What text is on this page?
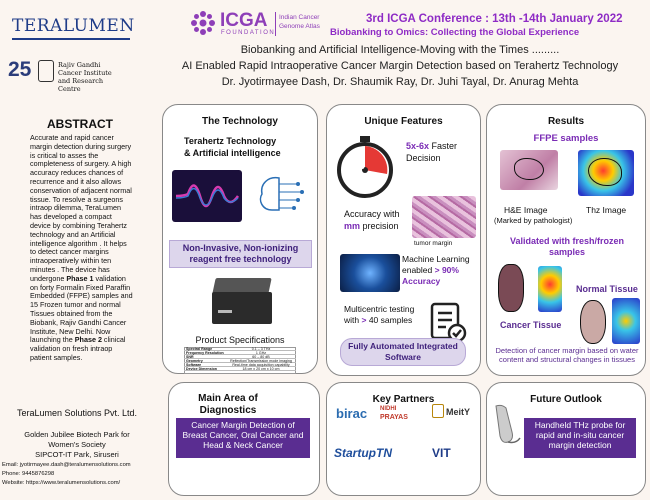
TERALUMEN
25	Rajiv Gandhi Cancer Institute
and Research Centre
ICGA
FOUNDATION
Indian Cancer
Genome Atlas
3rd ICGA Conference : 13th -14th January 2022
Biobanking to Omics: Collecting the Global Experience
Biobanking and Artificial Intelligence-Moving with the Times .........
AI Enabled Rapid Intraoperative Cancer Margin Detection based on Terahertz Technology
Dr. Jyotirmayee Dash, Dr. Shaumik Ray, Dr. Juhi Tayal, Dr. Anurag Mehta
ABSTRACT
Accurate and rapid cancer margin detection during surgery is critical to asses the completeness of surgery. A high accuracy reduces chances of recurrence and it also allows conservation of adjacent normal tissue. To resolve a surgeons intraop dilemma, TeraLumen has developed a compact device by combining Terahertz technology and an Artificial intelligence algorithm . It helps to detect cancer margins intraoperatively within ten minutes . The device has undergone Phase 1 validation on forty Formalin Fixed Paraffin Embedded (FFPE) samples and 15 Frozen tumor and normal Tissues obtained from the Biobank, Rajiv Gandhi Cancer Institute, New Delhi. Now launching the Phase 2 clinical validation on fresh intraop patient samples.
TeraLumen Solutions Pvt. Ltd.
Golden Jubilee Biotech Park for
Women's Society
SIPCOT-IT Park, Siruseri
Email: jyotirmayee.dash@teralumensolutions.com
Phone: 9445876298
Website: https://www.teralumensolutions.com/
The Technology
Terahertz Technology
& Artificial intelligence
Non-Invasive, Non-ionizing reagent free technology
Product Specifications
Spectral Range	0.1 – 3 THz
Frequency Resolution	1 GHz
SNR	60 – 80 dB
Geometry	Reflection/Transmission mode imaging
Software	Real-time data acquisition capability
Device Dimension	18 cm x 20 cm x 10 cm
Unique Features
10
5x-6x Faster Decision
Accuracy with mm precision
tumor margin
Machine Learning enabled > 90% Accuracy
Multicentric testing with > 40 samples
Fully Automated Integrated Software
Results
FFPE samples
H&E Image
(Marked by pathologist)
Thz Image
Validated with fresh/frozen samples
Normal Tissue
Cancer Tissue
Detection of cancer margin based on water content and structural changes in tissues
Main Area of
Diagnostics
Cancer Margin Detection of Breast Cancer, Oral Cancer and Head & Neck Cancer
Key Partners
birac NIDHI
PRAYAS
MeitY
StartupTN	VIT
Future Outlook
Handheld THz probe for rapid and in-situ cancer margin detection
